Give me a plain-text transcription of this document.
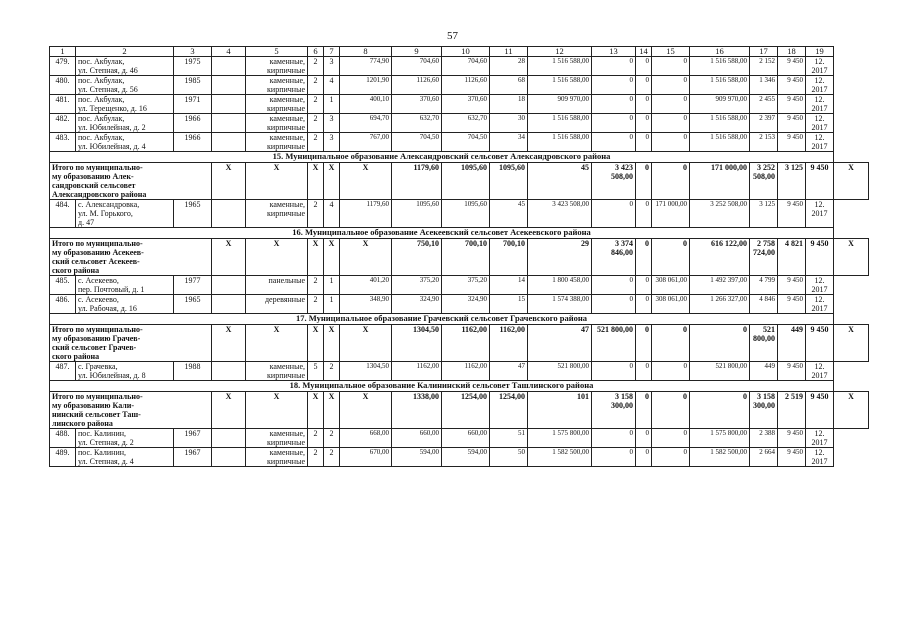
57
1	2	3	4	5	6	7	8	9	10	11	12	13	14	15	16	17	18	19	
479.	пос. Акбулак,
ул. Степная, д. 46	1975		каменные,
кирпичные	2	3	774,90	704,60	704,60	28	1 516 588,00	0	0	0	1 516 588,00	2 152	9 450	12.
2017	
480.	пос. Акбулак,
ул. Степная, д. 56	1985		каменные,
кирпичные	2	4	1201,90	1126,60	1126,60	68	1 516 588,00	0	0	0	1 516 588,00	1 346	9 450	12.
2017	
481.	пос. Акбулак,
ул. Терещенко, д. 16	1971		каменные,
кирпичные	2	1	400,10	370,60	370,60	18	909 970,00	0	0	0	909 970,00	2 455	9 450	12.
2017	
482.	пос. Акбулак,
ул. Юбилейная, д. 2	1966		каменные,
кирпичные	2	3	694,70	632,70	632,70	30	1 516 588,00	0	0	0	1 516 588,00	2 397	9 450	12.
2017	
483.	пос. Акбулак,
ул. Юбилейная, д. 4	1966		каменные,
кирпичные	2	3	767,00	704,50	704,50	34	1 516 588,00	0	0	0	1 516 588,00	2 153	9 450	12.
2017	
15. Муниципальное образование Александровский сельсовет Александровского района																			
Итого по муниципально-
му образованию Алек-
сандровский сельсовет
Александровского района			Х	Х	Х	Х	Х	1179,60	1095,60	1095,60	45	3 423 508,00	0	0	171 000,00	3 252 508,00	3 125	9 450	Х
484.	с. Александровка,
ул. М. Горького,
д. 47	1965		каменные,
кирпичные	2	4	1179,60	1095,60	1095,60	45	3 423 508,00	0	0	171 000,00	3 252 508,00	3 125	9 450	12.
2017	
16. Муниципальное образование Асекеевский сельсовет Асекеевского района																			
Итого по муниципально-
му образованию Асекеев-
ский сельсовет Асекеев-
ского района			Х	Х	Х	Х	Х	750,10	700,10	700,10	29	3 374 846,00	0	0	616 122,00	2 758 724,00	4 821	9 450	Х
485.	с. Асекеево,
пер. Почтовый, д. 1	1977		панельные	2	1	401,20	375,20	375,20	14	1 800 458,00	0	0	308 061,00	1 492 397,00	4 799	9 450	12.
2017	
486.	с. Асекеево,
ул. Рабочая, д. 16	1965		деревянные	2	1	348,90	324,90	324,90	15	1 574 388,00	0	0	308 061,00	1 266 327,00	4 846	9 450	12.
2017	
17. Муниципальное образование Грачевский сельсовет Грачевского района																			
Итого по муниципально-
му образованию Грачев-
ский сельсовет Грачев-
ского района			Х	Х	Х	Х	Х	1304,50	1162,00	1162,00	47	521 800,00	0	0	0	521 800,00	449	9 450	Х
487.	с. Грачевка,
ул. Юбилейная, д. 8	1988		каменные,
кирпичные	5	2	1304,50	1162,00	1162,00	47	521 800,00	0	0	0	521 800,00	449	9 450	12.
2017	
18. Муниципальное образование Калининский сельсовет Ташлинского района																			
Итого по муниципально-
му образованию Кали-
нинский сельсовет Таш-
линского района			Х	Х	Х	Х	Х	1338,00	1254,00	1254,00	101	3 158 300,00	0	0	0	3 158 300,00	2 519	9 450	Х
488.	пос. Калинин,
ул. Степная, д. 2	1967		каменные,
кирпичные	2	2	668,00	660,00	660,00	51	1 575 800,00	0	0	0	1 575 800,00	2 388	9 450	12.
2017	
489.	пос. Калинин,
ул. Степная, д. 4	1967		каменные,
кирпичные	2	2	670,00	594,00	594,00	50	1 582 500,00	0	0	0	1 582 500,00	2 664	9 450	12.
2017	
